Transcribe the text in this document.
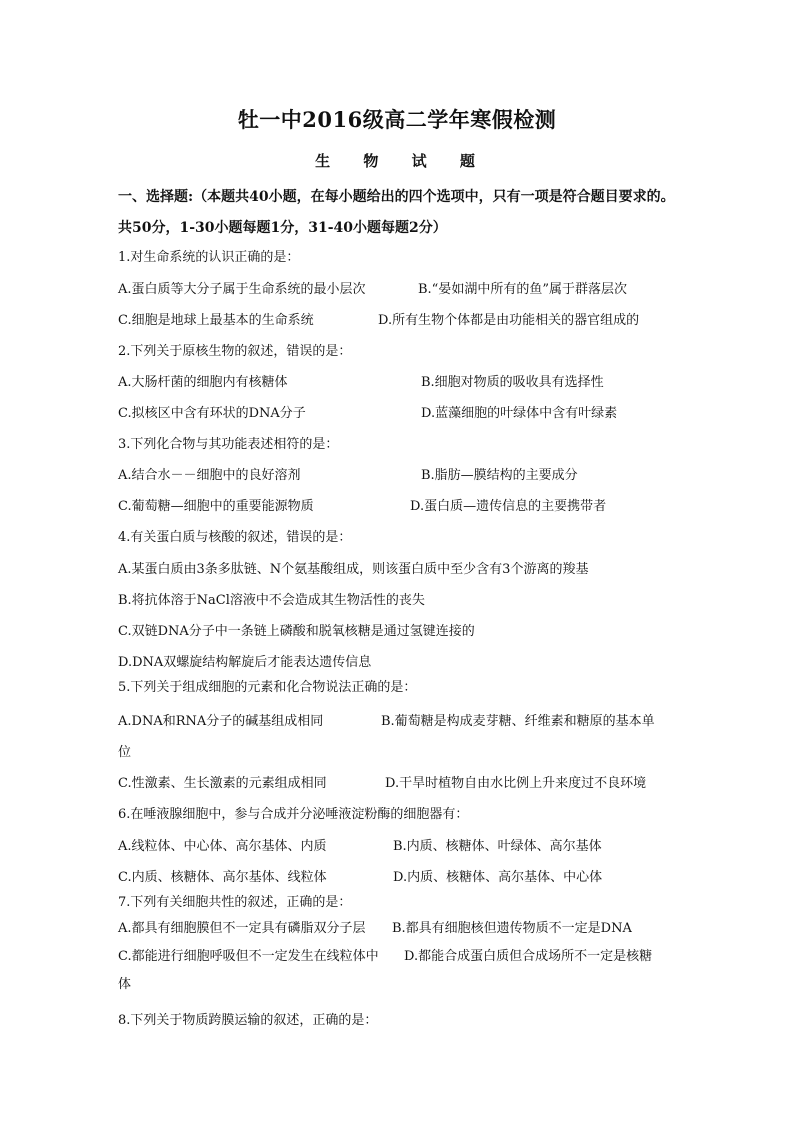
牡一中2016级高二学年寒假检测
生 物 试 题
一、选择题:（本题共40小题，在每小题给出的四个选项中，只有一项是符合题目要求的。
共50分，1-30小题每题1分，31-40小题每题2分）
1.对生命系统的认识正确的是：
A.蛋白质等大分子属于生命系统的最小层次	B.“晏如湖中所有的鱼”属于群落层次
C.细胞是地球上最基本的生命系统	D.所有生物个体都是由功能相关的器官组成的
2.下列关于原核生物的叙述，错误的是：
A.大肠杆菌的细胞内有核糖体	B.细胞对物质的吸收具有选择性
C.拟核区中含有环状的DNA分子	D.蓝藻细胞的叶绿体中含有叶绿素
3.下列化合物与其功能表述相符的是：
A.结合水－－细胞中的良好溶剂	B.脂肪—膜结构的主要成分
C.葡萄糖—细胞中的重要能源物质	D.蛋白质—遗传信息的主要携带者
4.有关蛋白质与核酸的叙述，错误的是：
A.某蛋白质由3条多肽链、N个氨基酸组成，则该蛋白质中至少含有3个游离的羧基
B.将抗体溶于NaCl溶液中不会造成其生物活性的丧失
C.双链DNA分子中一条链上磷酸和脱氧核糖是通过氢键连接的
D.DNA双螺旋结构解旋后才能表达遗传信息
5.下列关于组成细胞的元素和化合物说法正确的是：
A.DNA和RNA分子的碱基组成相同	B.葡萄糖是构成麦芽糖、纤维素和糖原的基本单
位
C.性激素、生长激素的元素组成相同	D.干旱时植物自由水比例上升来度过不良环境
6.在唾液腺细胞中，参与合成并分泌唾液淀粉酶的细胞器有：
A.线粒体、中心体、高尔基体、内质	B.内质、核糖体、叶绿体、高尔基体
C.内质、核糖体、高尔基体、线粒体	D.内质、核糖体、高尔基体、中心体
7.下列有关细胞共性的叙述，正确的是：
A.都具有细胞膜但不一定具有磷脂双分子层 B.都具有细胞核但遗传物质不一定是DNA
C.都能进行细胞呼吸但不一定发生在线粒体中 D.都能合成蛋白质但合成场所不一定是核糖
体
8.下列关于物质跨膜运输的叙述，正确的是：
